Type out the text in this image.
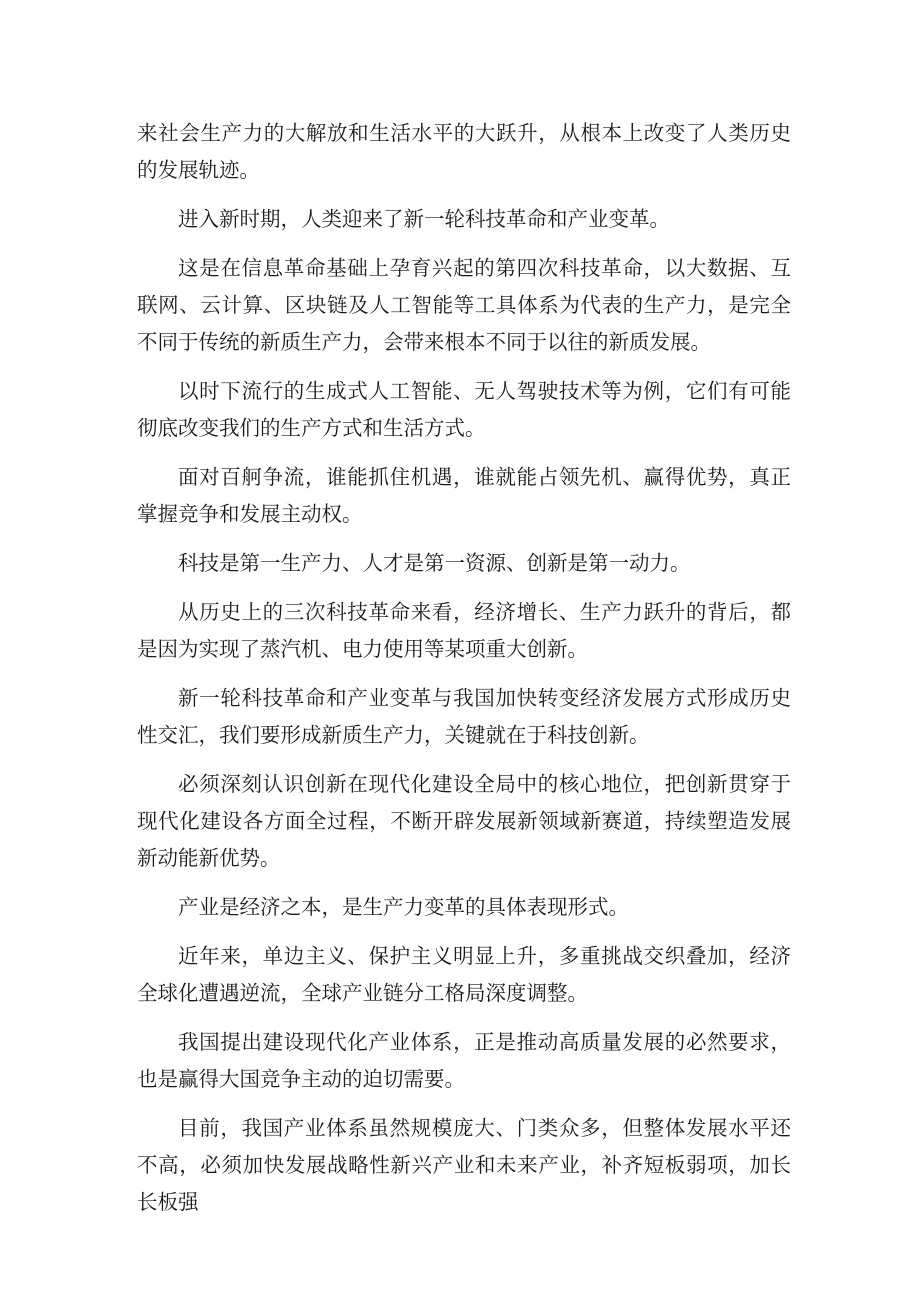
来社会生产力的大解放和生活水平的大跃升，从根本上改变了人类历史的发展轨迹。

进入新时期，人类迎来了新一轮科技革命和产业变革。

这是在信息革命基础上孕育兴起的第四次科技革命，以大数据、互联网、云计算、区块链及人工智能等工具体系为代表的生产力，是完全不同于传统的新质生产力，会带来根本不同于以往的新质发展。

以时下流行的生成式人工智能、无人驾驶技术等为例，它们有可能彻底改变我们的生产方式和生活方式。

面对百舸争流，谁能抓住机遇，谁就能占领先机、赢得优势，真正掌握竞争和发展主动权。

科技是第一生产力、人才是第一资源、创新是第一动力。

从历史上的三次科技革命来看，经济增长、生产力跃升的背后，都是因为实现了蒸汽机、电力使用等某项重大创新。

新一轮科技革命和产业变革与我国加快转变经济发展方式形成历史性交汇，我们要形成新质生产力，关键就在于科技创新。

必须深刻认识创新在现代化建设全局中的核心地位，把创新贯穿于现代化建设各方面全过程，不断开辟发展新领域新赛道，持续塑造发展新动能新优势。

产业是经济之本，是生产力变革的具体表现形式。

近年来，单边主义、保护主义明显上升，多重挑战交织叠加，经济全球化遭遇逆流，全球产业链分工格局深度调整。

我国提出建设现代化产业体系，正是推动高质量发展的必然要求，也是赢得大国竞争主动的迫切需要。

目前，我国产业体系虽然规模庞大、门类众多，但整体发展水平还不高，必须加快发展战略性新兴产业和未来产业，补齐短板弱项，加长长板强
